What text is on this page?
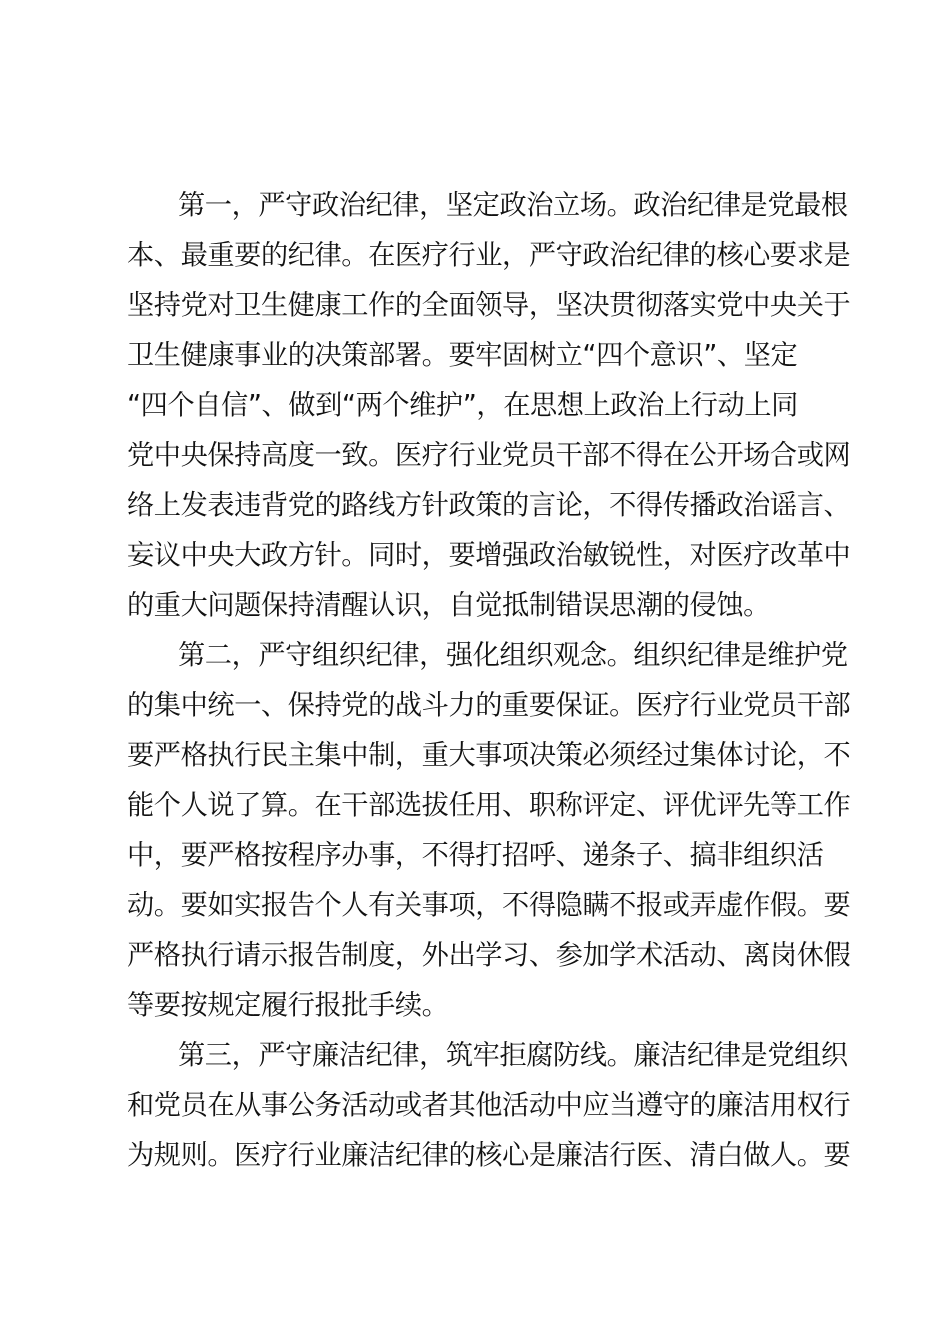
第一，严守政治纪律，坚定政治立场。政治纪律是党最根
本、最重要的纪律。在医疗行业，严守政治纪律的核心要求是
坚持党对卫生健康工作的全面领导，坚决贯彻落实党中央关于
卫生健康事业的决策部署。要牢固树立“四个意识”、坚定
“四个自信”、做到“两个维护”，在思想上政治上行动上同
党中央保持高度一致。医疗行业党员干部不得在公开场合或网
络上发表违背党的路线方针政策的言论，不得传播政治谣言、
妄议中央大政方针。同时，要增强政治敏锐性，对医疗改革中
的重大问题保持清醒认识，自觉抵制错误思潮的侵蚀。
第二，严守组织纪律，强化组织观念。组织纪律是维护党
的集中统一、保持党的战斗力的重要保证。医疗行业党员干部
要严格执行民主集中制，重大事项决策必须经过集体讨论，不
能个人说了算。在干部选拔任用、职称评定、评优评先等工作
中，要严格按程序办事，不得打招呼、递条子、搞非组织活
动。要如实报告个人有关事项，不得隐瞒不报或弄虚作假。要
严格执行请示报告制度，外出学习、参加学术活动、离岗休假
等要按规定履行报批手续。
第三，严守廉洁纪律，筑牢拒腐防线。廉洁纪律是党组织
和党员在从事公务活动或者其他活动中应当遵守的廉洁用权行
为规则。医疗行业廉洁纪律的核心是廉洁行医、清白做人。要
